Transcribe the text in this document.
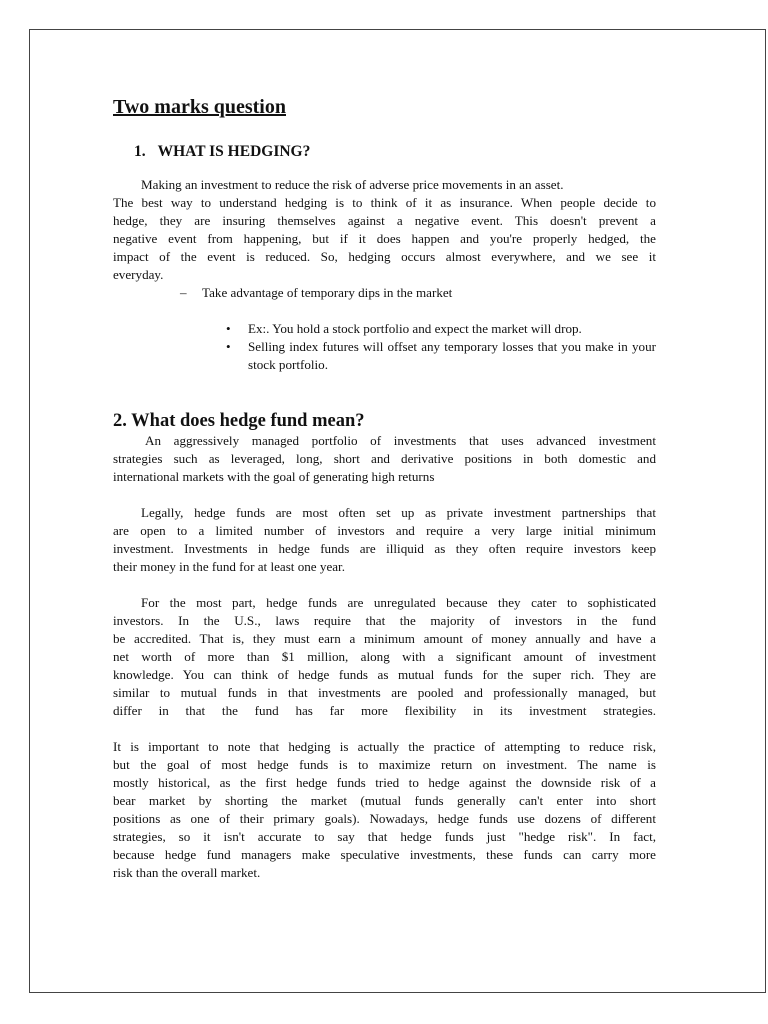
Two marks question
1. WHAT IS HEDGING?

Making an investment to reduce the risk of adverse price movements in an asset.

The best way to understand hedging is to think of it as insurance. When people decide to
hedge, they are insuring themselves against a negative event. This doesn't prevent a
negative event from happening, but if it does happen and you're properly hedged, the
impact of the event is reduced. So, hedging occurs almost everywhere, and we see it
everyday.

– Take advantage of temporary dips in the market

• Ex:. You hold a stock portfolio and expect the market will drop.
• Selling index futures will offset any temporary losses that you make in your stock portfolio.
2. What does hedge fund mean?
An aggressively managed portfolio of investments that uses advanced investment
strategies such as leveraged, long, short and derivative positions in both domestic and
international markets with the goal of generating high returns
Legally, hedge funds are most often set up as private investment partnerships that
are open to a limited number of investors and require a very large initial minimum
investment. Investments in hedge funds are illiquid as they often require investors keep
their money in the fund for at least one year.
For the most part, hedge funds are unregulated because they cater to sophisticated
investors. In the U.S., laws require that the majority of investors in the fund
be accredited. That is, they must earn a minimum amount of money annually and have a
net worth of more than $1 million, along with a significant amount of investment
knowledge. You can think of hedge funds as mutual funds for the super rich. They are
similar to mutual funds in that investments are pooled and professionally managed, but
differ in that the fund has far more flexibility in its investment strategies.
It is important to note that hedging is actually the practice of attempting to reduce risk,
but the goal of most hedge funds is to maximize return on investment. The name is
mostly historical, as the first hedge funds tried to hedge against the downside risk of a
bear market by shorting the market (mutual funds generally can't enter into short
positions as one of their primary goals). Nowadays, hedge funds use dozens of different
strategies, so it isn't accurate to say that hedge funds just "hedge risk". In fact,
because hedge fund managers make speculative investments, these funds can carry more
risk than the overall market.
